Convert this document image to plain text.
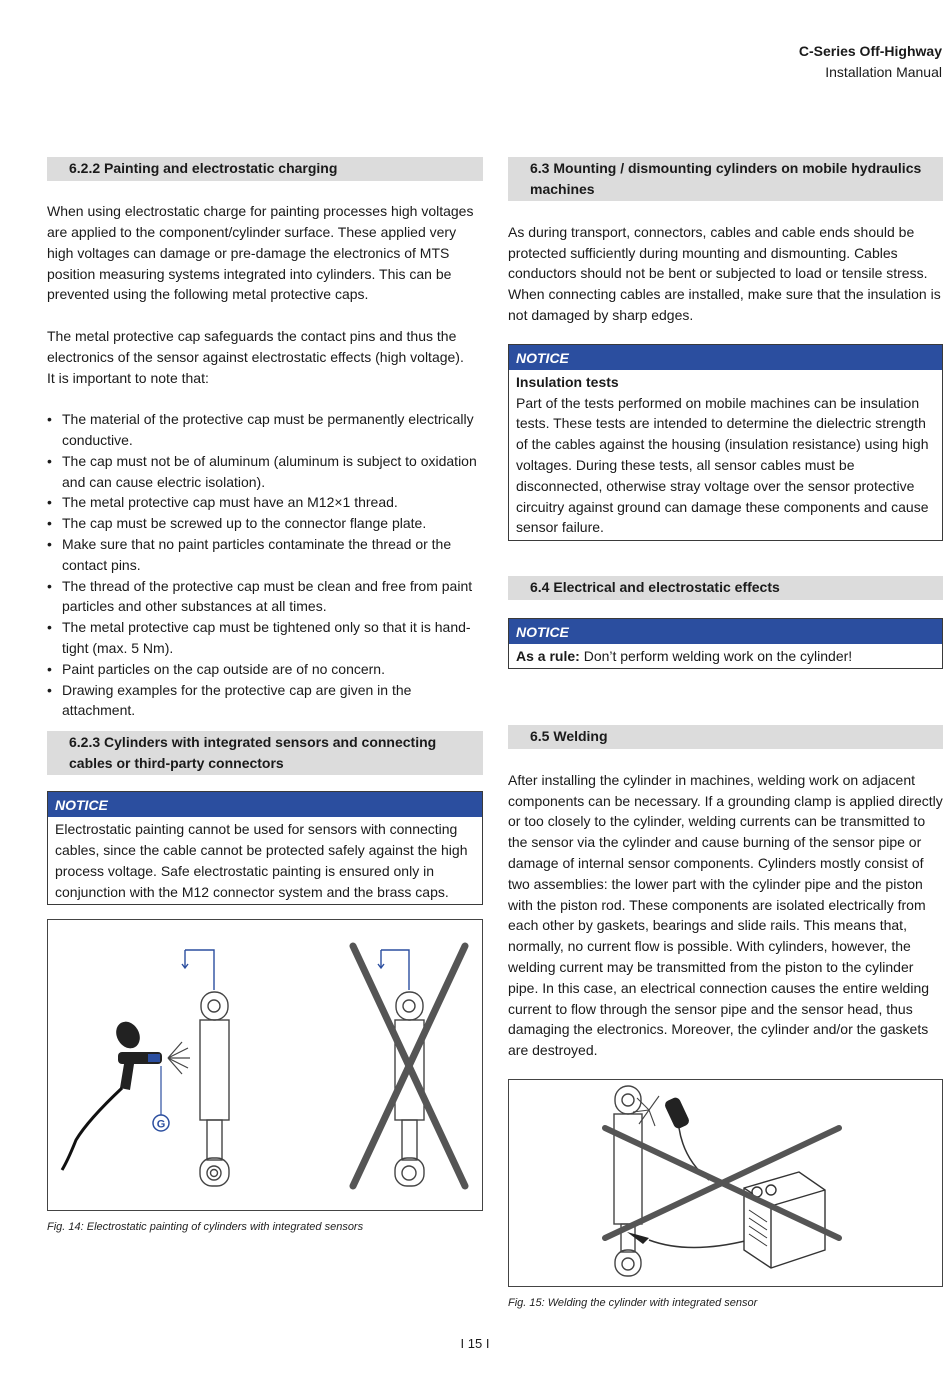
C-Series Off-Highway
Installation Manual
6.2.2 Painting and electrostatic charging

When using electrostatic charge for painting processes high voltages are applied to the component/cylinder surface. These applied very high voltages can damage or pre-damage the electronics of MTS position measuring systems integrated into cylinders. This can be prevented using the following metal protective caps.

The metal protective cap safeguards the contact pins and thus the electronics of the sensor against electrostatic effects (high voltage).
It is important to note that:

• The material of the protective cap must be permanently electrically conductive.
• The cap must not be of aluminum (aluminum is subject to oxidation and can cause electric isolation).
• The metal protective cap must have an M12×1 thread.
• The cap must be screwed up to the connector flange plate.
• Make sure that no paint particles contaminate the thread or the contact pins.
• The thread of the protective cap must be clean and free from paint particles and other substances at all times.
• The metal protective cap must be tightened only so that it is hand-tight (max. 5 Nm).
• Paint particles on the cap outside are of no concern.
• Drawing examples for the protective cap are given in the attachment.
6.2.3 Cylinders with integrated sensors and connecting cables or third-party connectors
NOTICE
Electrostatic painting cannot be used for sensors with connecting cables, since the cable cannot be protected safely against the high process voltage. Safe electrostatic painting is ensured only in conjunction with the M12 connector system and the brass caps.
G
Fig. 14: Electrostatic painting of cylinders with integrated sensors
6.3 Mounting / dismounting cylinders on mobile hydraulics machines

As during transport, connectors, cables and cable ends should be protected sufficiently during mounting and dismounting. Cables conductors should not be bent or subjected to load or tensile stress. When connecting cables are installed, make sure that the insulation is not damaged by sharp edges.

NOTICE
Insulation tests
Part of the tests performed on mobile machines can be insulation tests. These tests are intended to determine the dielectric strength of the cables against the housing (insulation resistance) using high voltages. During these tests, all sensor cables must be disconnected, otherwise stray voltage over the sensor protective circuitry against ground can damage these components and cause sensor failure.
6.4 Electrical and electrostatic effects
NOTICE
As a rule: Don’t perform welding work on the cylinder!
6.5 Welding

After installing the cylinder in machines, welding work on adjacent components can be necessary. If a grounding clamp is applied directly or too closely to the cylinder, welding currents can be transmitted to the sensor via the cylinder and cause burning of the sensor pipe or damage of internal sensor components. Cylinders mostly consist of two assemblies: the lower part with the cylinder pipe and the piston with the piston rod. These components are isolated electrically from each other by gaskets, bearings and slide rails. This means that, normally, no current flow is possible. With cylinders, however, the welding current may be transmitted from the piston to the cylinder pipe. In this case, an electrical connection causes the entire welding current to flow through the sensor pipe and the sensor head, thus damaging the electronics. Moreover, the cylinder and/or the gaskets are destroyed.

Fig. 15: Welding the cylinder with integrated sensor
I 15 I
